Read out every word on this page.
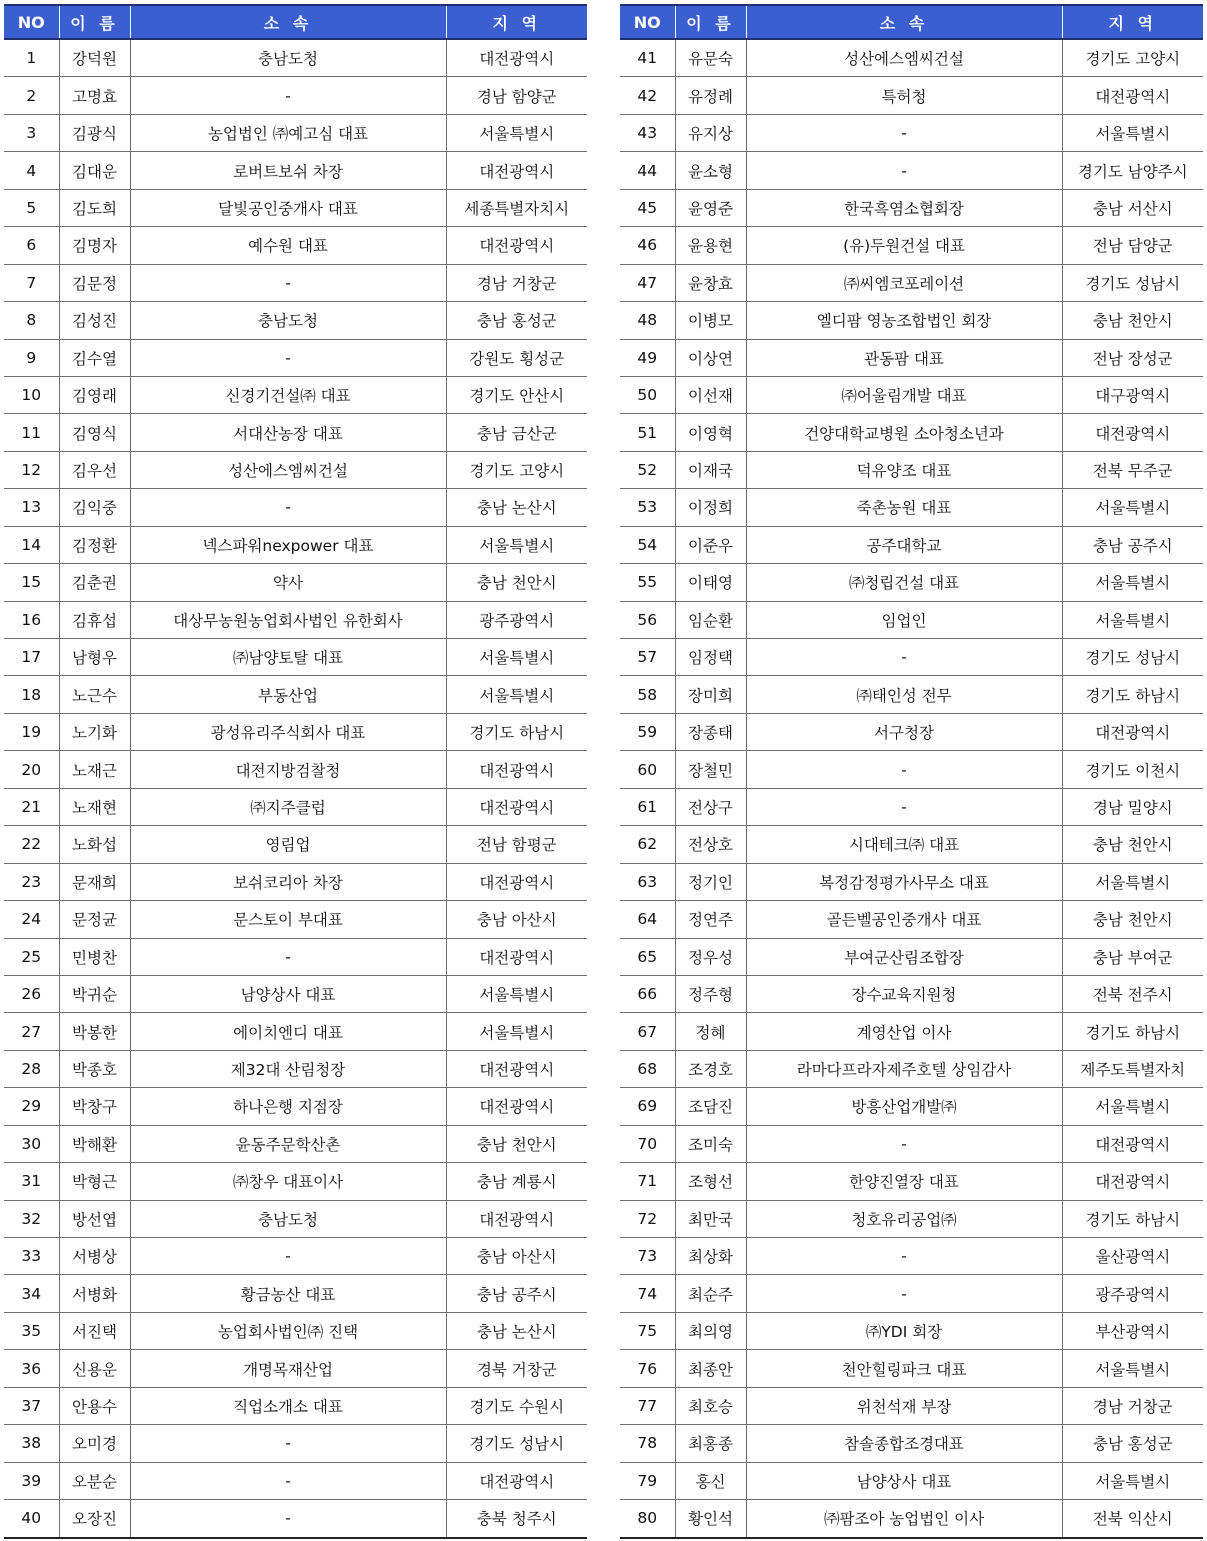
NO	이 름	소 속	지 역
1	강덕원	충남도청	대전광역시
2	고명효	-	경남 함양군
3	김광식	농업법인 ㈜예고심 대표	서울특별시
4	김대운	로버트보쉬 차장	대전광역시
5	김도희	달빛공인중개사 대표	세종특별자치시
6	김명자	예수원 대표	대전광역시
7	김문정	-	경남 거창군
8	김성진	충남도청	충남 홍성군
9	김수열	-	강원도 횡성군
10	김영래	신경기건설㈜ 대표	경기도 안산시
11	김영식	서대산농장 대표	충남 금산군
12	김우선	성산에스엠씨건설	경기도 고양시
13	김익중	-	충남 논산시
14	김정환	넥스파워nexpower 대표	서울특별시
15	김춘권	약사	충남 천안시
16	김휴섭	대상무농원농업회사법인 유한회사	광주광역시
17	남형우	㈜남양토탈 대표	서울특별시
18	노근수	부동산업	서울특별시
19	노기화	광성유리주식회사 대표	경기도 하남시
20	노재근	대전지방검찰청	대전광역시
21	노재현	㈜지주클럽	대전광역시
22	노화섭	영림업	전남 함평군
23	문재희	보쉬코리아 차장	대전광역시
24	문정균	문스토이 부대표	충남 아산시
25	민병찬	-	대전광역시
26	박귀순	남양상사 대표	서울특별시
27	박봉한	에이치엔디 대표	서울특별시
28	박종호	제32대 산림청장	대전광역시
29	박창구	하나은행 지점장	대전광역시
30	박해환	윤동주문학산촌	충남 천안시
31	박형근	㈜창우 대표이사	충남 계룡시
32	방선엽	충남도청	대전광역시
33	서병상	-	충남 아산시
34	서병화	황금농산 대표	충남 공주시
35	서진택	농업회사법인㈜ 진택	충남 논산시
36	신용운	개명목재산업	경북 거창군
37	안용수	직업소개소 대표	경기도 수원시
38	오미경	-	경기도 성남시
39	오분순	-	대전광역시
40	오장진	-	충북 청주시
NO	이 름	소 속	지 역
41	유문숙	성산에스엠씨건설	경기도 고양시
42	유정례	특허청	대전광역시
43	유지상	-	서울특별시
44	윤소형	-	경기도 남양주시
45	윤영준	한국흑염소협회장	충남 서산시
46	윤용현	(유)두원건설 대표	전남 담양군
47	윤창효	㈜씨엠코포레이션	경기도 성남시
48	이병모	엘디팜 영농조합법인 회장	충남 천안시
49	이상연	관동팜 대표	전남 장성군
50	이선재	㈜어울림개발 대표	대구광역시
51	이영혁	건양대학교병원 소아청소년과	대전광역시
52	이재국	덕유양조 대표	전북 무주군
53	이정희	죽촌농원 대표	서울특별시
54	이준우	공주대학교	충남 공주시
55	이태영	㈜청립건설 대표	서울특별시
56	임순환	임업인	서울특별시
57	임정택	-	경기도 성남시
58	장미희	㈜태인성 전무	경기도 하남시
59	장종태	서구청장	대전광역시
60	장철민	-	경기도 이천시
61	전상구	-	경남 밀양시
62	전상호	시대테크㈜ 대표	충남 천안시
63	정기인	복정감정평가사무소 대표	서울특별시
64	정연주	골든벨공인중개사 대표	충남 천안시
65	정우성	부여군산림조합장	충남 부여군
66	정주형	장수교육지원청	전북 전주시
67	정혜	계영산업 이사	경기도 하남시
68	조경호	라마다프라자제주호텔 상임감사	제주도특별자치
69	조담진	방흥산업개발㈜	서울특별시
70	조미숙	-	대전광역시
71	조형선	한양진열장 대표	대전광역시
72	최만국	청호유리공업㈜	경기도 하남시
73	최상화	-	울산광역시
74	최순주	-	광주광역시
75	최의영	㈜YDI 회장	부산광역시
76	최종안	천안힐링파크 대표	서울특별시
77	최호승	위천석재 부장	경남 거창군
78	최홍종	참솔종합조경대표	충남 홍성군
79	홍신	남양상사 대표	서울특별시
80	황인석	㈜팜조아 농업법인 이사	전북 익산시
